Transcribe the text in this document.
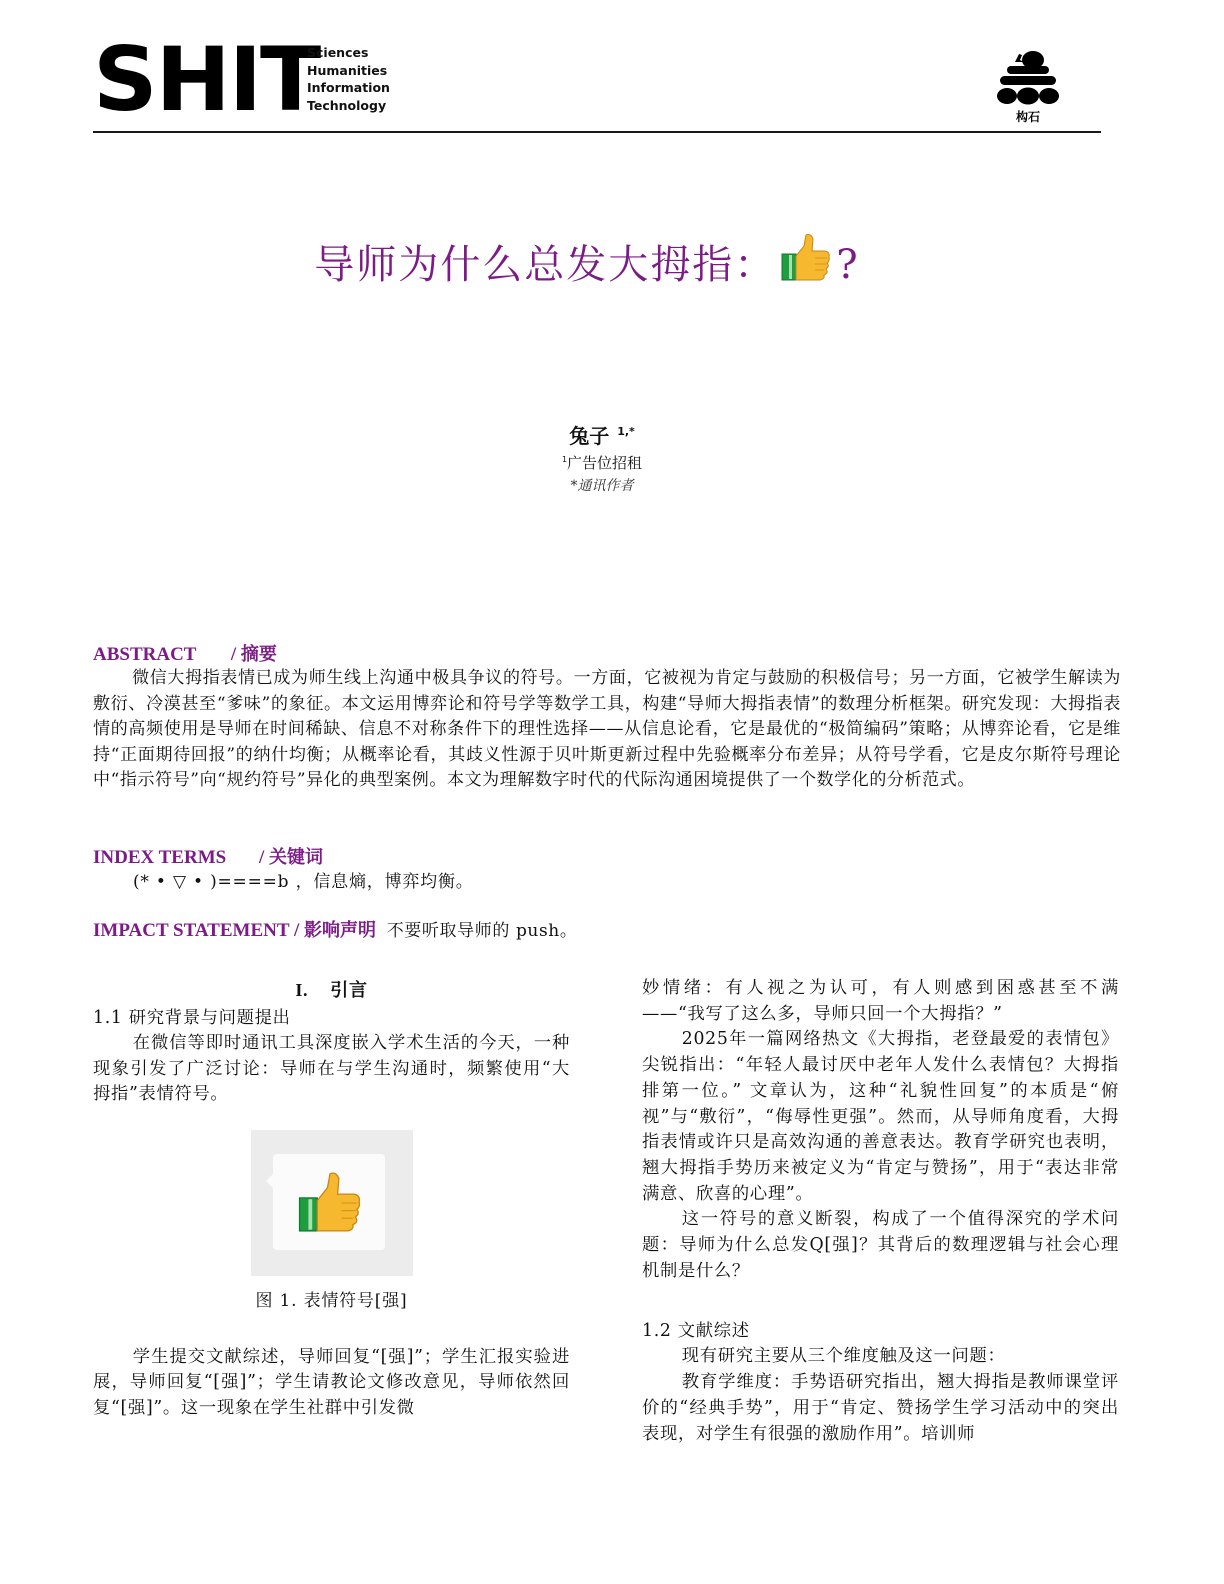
SHIT
Sciences
Humanities
Information
Technology
构石
导师为什么总发大拇指： ?
兔子 $^{1,*}$
$^1$广告位招租
*通讯作者
ABSTRACT / 摘要

微信大拇指表情已成为师生线上沟通中极具争议的符号。一方面，它被视为肯定与鼓励的积极信号；另一方面，它被学生解读为敷衍、冷漠甚至“爹味”的象征。本文运用博弈论和符号学等数学工具，构建“导师大拇指表情”的数理分析框架。研究发现：大拇指表情的高频使用是导师在时间稀缺、信息不对称条件下的理性选择——从信息论看，它是最优的“极简编码”策略；从博弈论看，它是维持“正面期待回报”的纳什均衡；从概率论看，其歧义性源于贝叶斯更新过程中先验概率分布差异；从符号学看，它是皮尔斯符号理论中“指示符号”向“规约符号”异化的典型案例。本文为理解数字时代的代际沟通困境提供了一个数学化的分析范式。

INDEX TERMS / 关键词

(* • ▽ • )====b ，信息熵，博弈均衡。

IMPACT STATEMENT / 影响声明 不要听取导师的 push。
I. 引言
1.1 研究背景与问题提出

在微信等即时通讯工具深度嵌入学术生活的今天，一种现象引发了广泛讨论：导师在与学生沟通时，频繁使用“大拇指”表情符号。

图 1. 表情符号[强]

学生提交文献综述，导师回复“[强]”；学生汇报实验进展，导师回复“[强]”；学生请教论文修改意见，导师依然回复“[强]”。这一现象在学生社群中引发微

妙情绪：有人视之为认可，有人则感到困惑甚至不满——“我写了这么多，导师只回一个大拇指？”

2025年一篇网络热文《大拇指，老登最爱的表情包》尖锐指出：“年轻人最讨厌中老年人发什么表情包？大拇指排第一位。” 文章认为，这种“礼貌性回复”的本质是“俯视”与“敷衍”，“侮辱性更强”。然而，从导师角度看，大拇指表情或许只是高效沟通的善意表达。教育学研究也表明，翘大拇指手势历来被定义为“肯定与赞扬”，用于“表达非常满意、欣喜的心理”。

这一符号的意义断裂，构成了一个值得深究的学术问题：导师为什么总发Q[强]？其背后的数理逻辑与社会心理机制是什么？

1.2 文献综述

现有研究主要从三个维度触及这一问题：

教育学维度：手势语研究指出，翘大拇指是教师课堂评价的“经典手势”，用于“肯定、赞扬学生学习活动中的突出表现，对学生有很强的激励作用”。培训师
